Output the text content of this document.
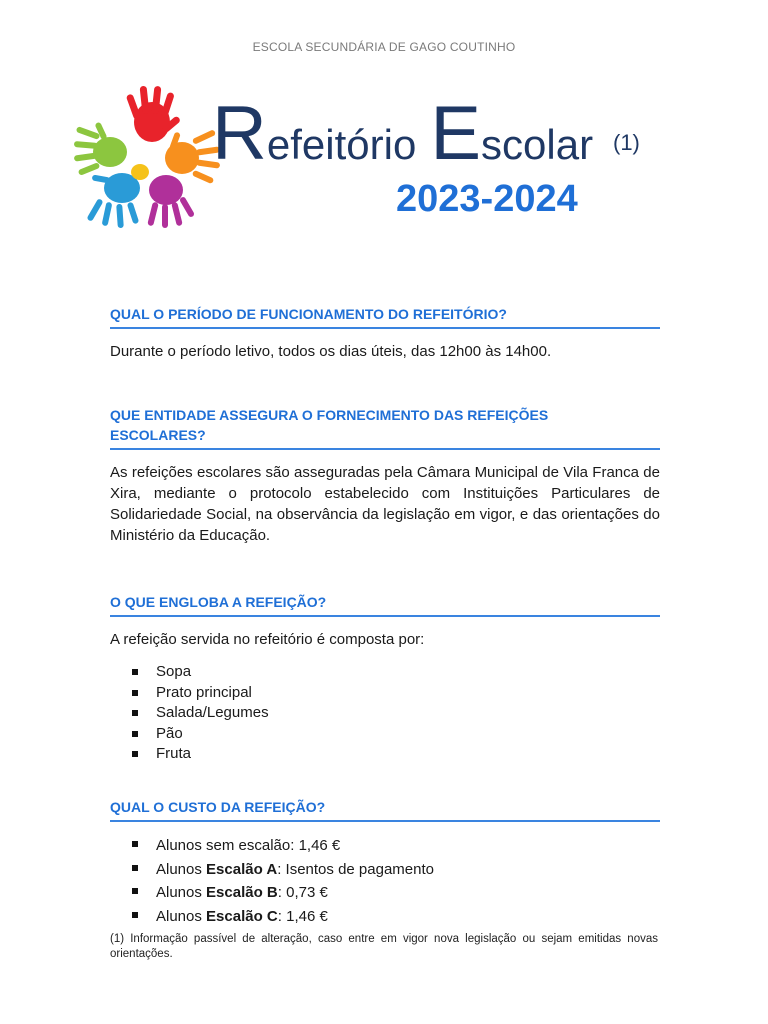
ESCOLA SECUNDÁRIA DE GAGO COUTINHO
Refeitório Escolar (1)
2023-2024
QUAL O PERÍODO DE FUNCIONAMENTO DO REFEITÓRIO?
Durante o período letivo, todos os dias úteis, das 12h00 às 14h00.
QUE ENTIDADE ASSEGURA O FORNECIMENTO DAS REFEIÇÕES
ESCOLARES?
As refeições escolares são asseguradas pela Câmara Municipal de Vila Franca de Xira, mediante o protocolo estabelecido com Instituições Particulares de Solidariedade Social, na observância da legislação em vigor, e das orientações do Ministério da Educação.
O QUE ENGLOBA A REFEIÇÃO?
A refeição servida no refeitório é composta por:
Sopa
Prato principal
Salada/Legumes
Pão
Fruta
QUAL O CUSTO DA REFEIÇÃO?
Alunos sem escalão: 1,46 €
Alunos Escalão A: Isentos de pagamento
Alunos Escalão B: 0,73 €
Alunos Escalão C: 1,46 €
(1) Informação passível de alteração, caso entre em vigor nova legislação ou sejam emitidas novas orientações.
